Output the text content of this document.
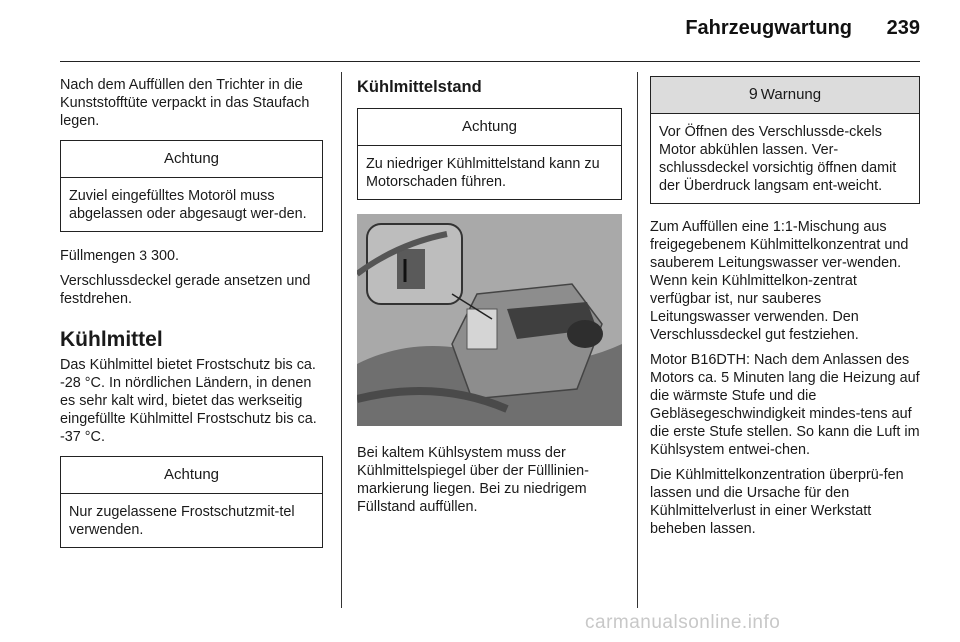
Fahrzeugwartung 239

Nach dem Auffüllen den Trichter in die Kunststofftüte verpackt in das Staufach legen.

Achtung
Zuviel eingefülltes Motoröl muss abgelassen oder abgesaugt wer-den.

Füllmengen 3 300.

Verschlussdeckel gerade ansetzen und festdrehen.

Kühlmittel

Das Kühlmittel bietet Frostschutz bis ca. -28 °C. In nördlichen Ländern, in denen es sehr kalt wird, bietet das werkseitig eingefüllte Kühlmittel Frostschutz bis ca. -37 °C.

Achtung
Nur zugelassene Frostschutzmit-tel verwenden.
Kühlmittelstand
Achtung
Zu niedriger Kühlmittelstand kann zu Motorschaden führen.

Bei kaltem Kühlsystem muss der Kühlmittelspiegel über der Fülllinien-markierung liegen. Bei zu niedrigem Füllstand auffüllen.

9 Warnung
Vor Öffnen des Verschlussde-ckels Motor abkühlen lassen. Ver-schlussdeckel vorsichtig öffnen damit der Überdruck langsam ent-weicht.

Zum Auffüllen eine 1:1-Mischung aus freigegebenem Kühlmittelkonzentrat und sauberem Leitungswasser ver-wenden. Wenn kein Kühlmittelkon-zentrat verfügbar ist, nur sauberes Leitungswasser verwenden. Den Verschlussdeckel gut festziehen.

Motor B16DTH: Nach dem Anlassen des Motors ca. 5 Minuten lang die Heizung auf die wärmste Stufe und die Gebläsegeschwindigkeit mindes-tens auf die erste Stufe stellen. So kann die Luft im Kühlsystem entwei-chen.

Die Kühlmittelkonzentration überprü-fen lassen und die Ursache für den Kühlmittelverlust in einer Werkstatt beheben lassen.

carmanualsonline.info
